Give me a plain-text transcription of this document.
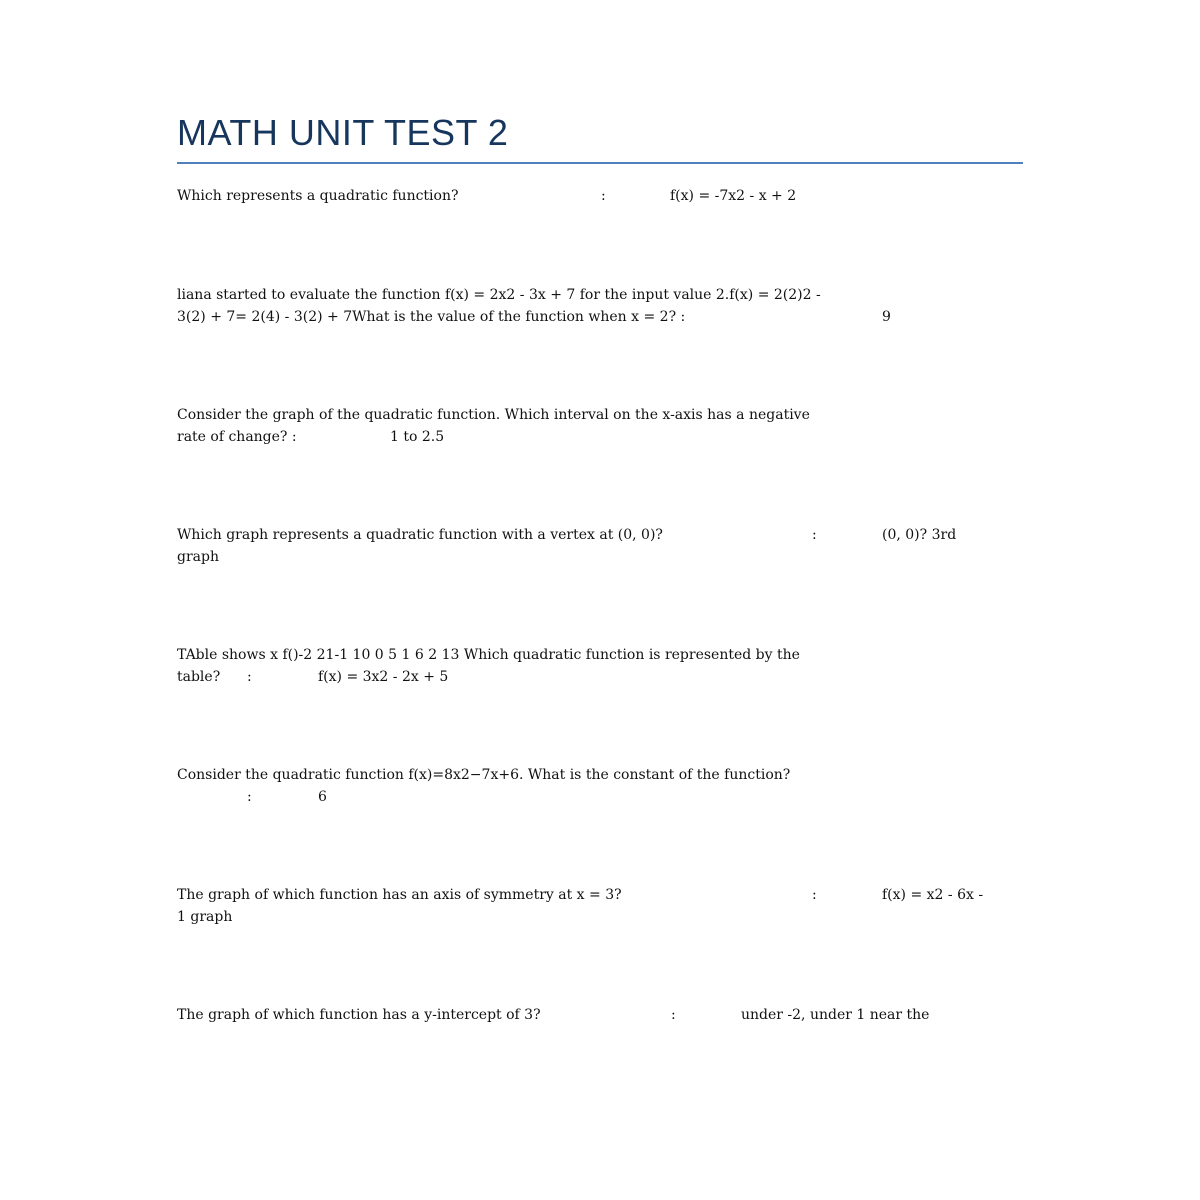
MATH UNIT TEST 2
Which represents a quadratic function?	:	f(x) = -7x2 - x + 2
liana started to evaluate the function f(x) = 2x2 - 3x + 7 for the input value 2.f(x) = 2(2)2 -
3(2) + 7= 2(4) - 3(2) + 7What is the value of the function when x = 2? :	9
Consider the graph of the quadratic function. Which interval on the x-axis has a negative
rate of change? :	1 to 2.5
Which graph represents a quadratic function with a vertex at (0, 0)?	:	(0, 0)? 3rd
graph
TAble shows x f()-2 21-1 10 0 5 1 6 2 13 Which quadratic function is represented by the
table? :	f(x) = 3x2 - 2x + 5
Consider the quadratic function f(x)=8x2−7x+6. What is the constant of the function?
:	6
The graph of which function has an axis of symmetry at x = 3?	:	f(x) = x2 - 6x -
1 graph
The graph of which function has a y-intercept of 3?	:	under -2, under 1 near the
